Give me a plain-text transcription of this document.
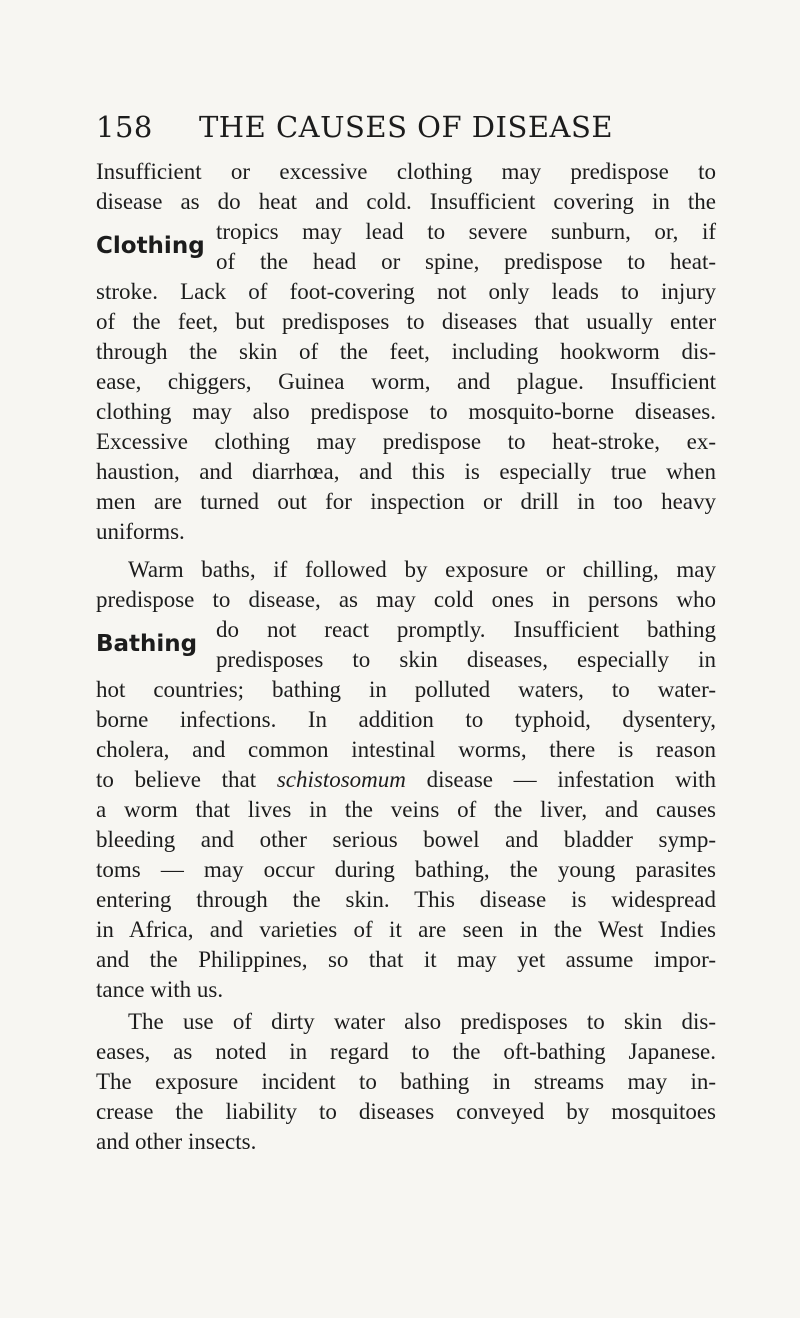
158	THE CAUSES OF DISEASE
Insufficient or excessive clothing may predispose to
disease as do heat and cold. Insufficient covering in the
Clothing
tropics may lead to severe sunburn, or, if
of the head or spine, predispose to heat-
stroke. Lack of foot-covering not only leads to injury
of the feet, but predisposes to diseases that usually enter
through the skin of the feet, including hookworm dis-
ease, chiggers, Guinea worm, and plague. Insufficient
clothing may also predispose to mosquito-borne diseases.
Excessive clothing may predispose to heat-stroke, ex-
haustion, and diarrhœa, and this is especially true when
men are turned out for inspection or drill in too heavy
uniforms.
Warm baths, if followed by exposure or chilling, may
predispose to disease, as may cold ones in persons who
Bathing
do not react promptly. Insufficient bathing
predisposes to skin diseases, especially in
hot countries; bathing in polluted waters, to water-
borne infections. In addition to typhoid, dysentery,
cholera, and common intestinal worms, there is reason
to believe that schistosomum disease — infestation with
a worm that lives in the veins of the liver, and causes
bleeding and other serious bowel and bladder symp-
toms — may occur during bathing, the young parasites
entering through the skin. This disease is widespread
in Africa, and varieties of it are seen in the West Indies
and the Philippines, so that it may yet assume impor-
tance with us.
The use of dirty water also predisposes to skin dis-
eases, as noted in regard to the oft-bathing Japanese.
The exposure incident to bathing in streams may in-
crease the liability to diseases conveyed by mosquitoes
and other insects.
